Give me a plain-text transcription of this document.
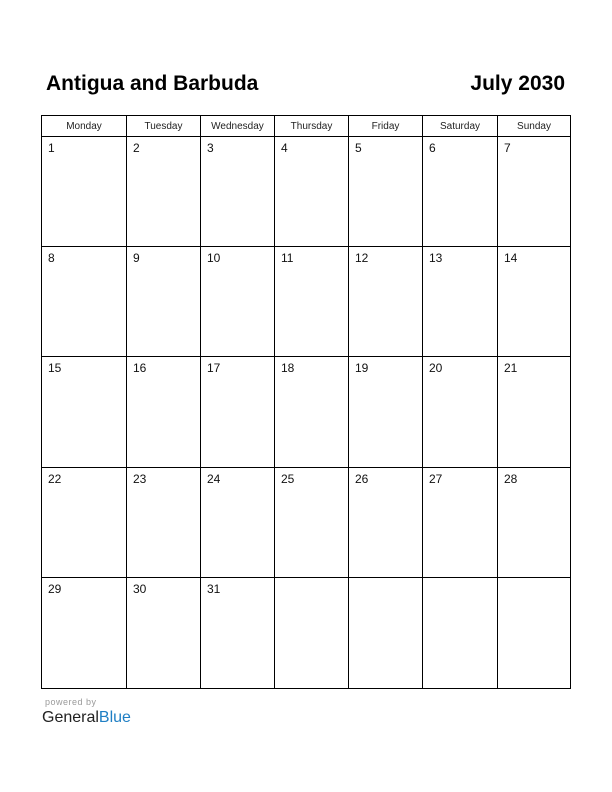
Antigua and Barbuda	July 2030
Monday	Tuesday	Wednesday	Thursday	Friday	Saturday	Sunday
1	2	3	4	5	6	7
8	9	10	11	12	13	14
15	16	17	18	19	20	21
22	23	24	25	26	27	28
29	30	31
powered by
GeneralBlue
